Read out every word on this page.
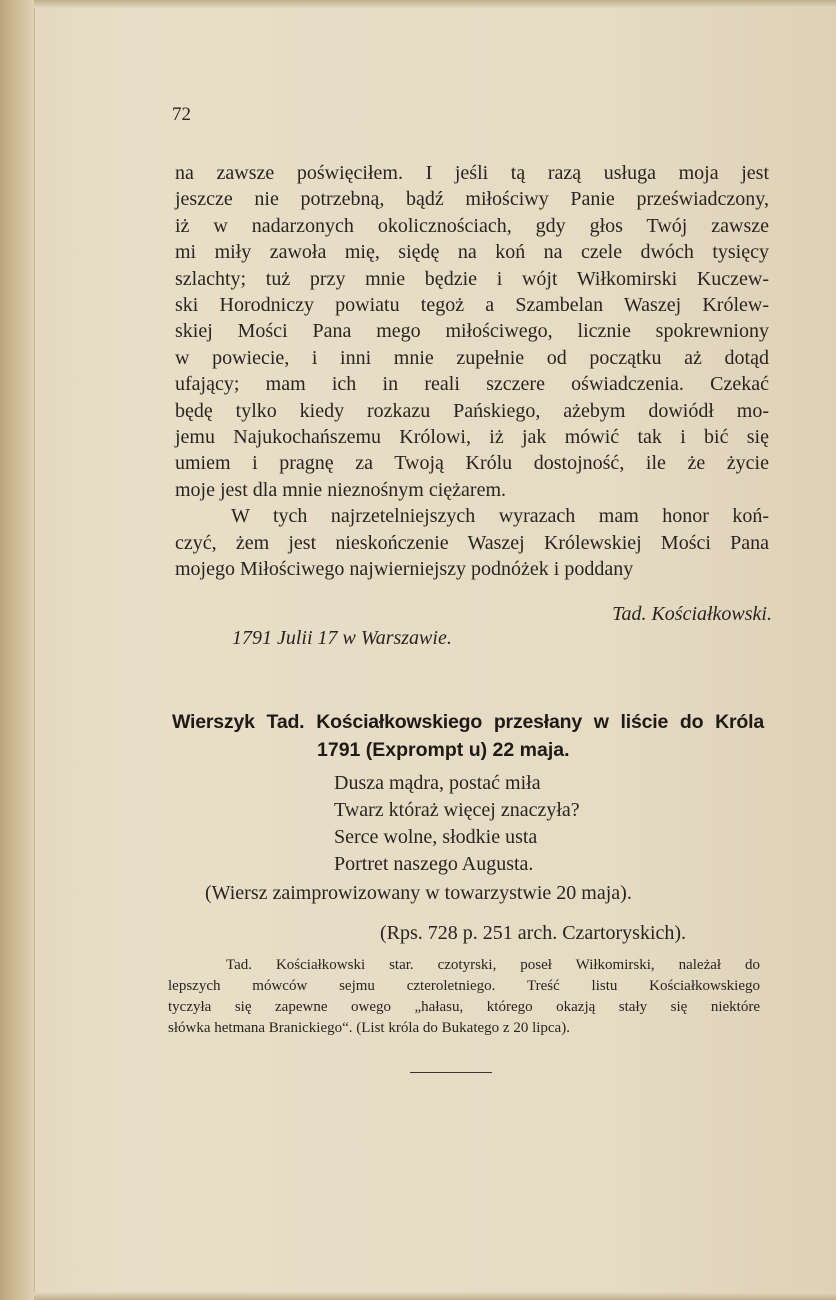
72
na zawsze poświęciłem. I jeśli tą razą usługa moja jest
jeszcze nie potrzebną, bądź miłościwy Panie przeświadczony,
iż w nadarzonych okolicznościach, gdy głos Twój zawsze
mi miły zawoła mię, siędę na koń na czele dwóch tysięcy
szlachty; tuż przy mnie będzie i wójt Wiłkomirski Kuczew-
ski Horodniczy powiatu tegoż a Szambelan Waszej Królew-
skiej Mości Pana mego miłościwego, licznie spokrewniony
w powiecie, i inni mnie zupełnie od początku aż dotąd
ufający; mam ich in reali szczere oświadczenia. Czekać
będę tylko kiedy rozkazu Pańskiego, ażebym dowiódł mo-
jemu Najukochańszemu Królowi, iż jak mówić tak i bić się
umiem i pragnę za Twoją Królu dostojność, ile że życie
moje jest dla mnie nieznośnym ciężarem.
W tych najrzetelniejszych wyrazach mam honor koń-
czyć, żem jest nieskończenie Waszej Królewskiej Mości Pana
mojego Miłościwego najwierniejszy podnóżek i poddany
Tad. Kościałkowski.
1791 Julii 17 w Warszawie.
Wierszyk Tad. Kościałkowskiego przesłany w liście do Króla
1791 (Exprompt u) 22 maja.
Dusza mądra, postać miła
Twarz któraż więcej znaczyła?
Serce wolne, słodkie usta
Portret naszego Augusta.
(Wiersz zaimprowizowany w towarzystwie 20 maja).
(Rps. 728 p. 251 arch. Czartoryskich).
Tad. Kościałkowski star. czotyrski, poseł Wiłkomirski, należał do
lepszych mówców sejmu czteroletniego. Treść listu Kościałkowskiego
tyczyła się zapewne owego „hałasu, którego okazją stały się niektóre
słówka hetmana Branickiego“. (List króla do Bukatego z 20 lipca).
